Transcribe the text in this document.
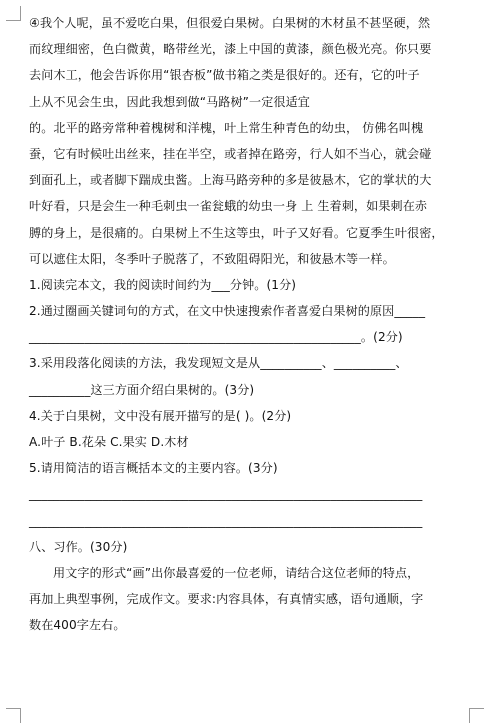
④我个人呢，虽不爱吃白果，但很爱白果树。白果树的木材虽不甚坚硬，然
而纹理细密，色白微黄，略带丝光，漆上中国的黄漆，颜色极光亮。你只要
去问木工，他会告诉你用“银杏板”做书箱之类是很好的。还有，它的叶子
上从不见会生虫，因此我想到做“马路树”一定很适宜
的。北平的路旁常种着槐树和洋槐，叶上常生种青色的幼虫， 仿佛名叫槐
蚕，它有时候吐出丝来，挂在半空，或者掉在路旁，行人如不当心，就会碰
到面孔上，或者脚下踹成虫酱。上海马路旁种的多是彼悬木，它的掌状的大
叶好看，只是会生一种毛刺虫一雀瓮蛾的幼虫一身 上 生着刺，如果刺在赤
膊的身上，是很痛的。白果树上不生这等虫，叶子又好看。它夏季生叶很密，
可以遮住太阳，冬季叶子脱落了，不致阻碍阳光，和彼悬木等一样。
1.阅读完本文，我的阅读时间约为___分钟。(1分)
2.通过圈画关键词句的方式，在文中快速搜索作者喜爱白果树的原因_____
______________________________________________________。(2分)
3.采用段落化阅读的方法，我发现短文是从__________、__________、
__________这三方面介绍白果树的。(3分)
4.关于白果树，文中没有展开描写的是( )。(2分)
A.叶子 B.花朵 C.果实 D.木材
5.请用简洁的语言概括本文的主要内容。(3分)
________________________________________________________________
________________________________________________________________
八、习作。(30分)
用文字的形式“画”出你最喜爱的一位老师，请结合这位老师的特点，
再加上典型事例，完成作文。要求:内容具体，有真情实感，语句通顺，字
数在400字左右。
